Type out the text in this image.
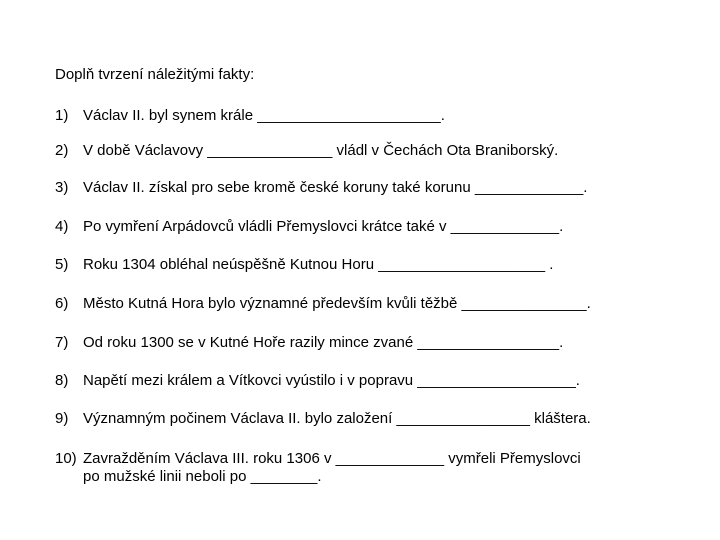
Doplň tvrzení náležitými fakty:
1) Václav II. byl synem krále ______________________.
2) V době Václavovy _______________ vládl v Čechách Ota Braniborský.
3) Václav II. získal pro sebe kromě české koruny také korunu _____________.
4) Po vymření Arpádovců vládli Přemyslovci krátce také v _____________.
5) Roku 1304 obléhal neúspěšně Kutnou Horu ____________________ .
6) Město Kutná Hora bylo významné především kvůli těžbě _______________.
7) Od roku 1300 se v Kutné Hoře razily mince zvané _________________.
8) Napětí mezi králem a Vítkovci vyústilo i v popravu ___________________.
9) Významným počinem Václava II. bylo založení ________________ kláštera.
10) Zavražděním Václava III. roku 1306 v _____________ vymřeli Přemyslovci
po mužské linii neboli po ________.
